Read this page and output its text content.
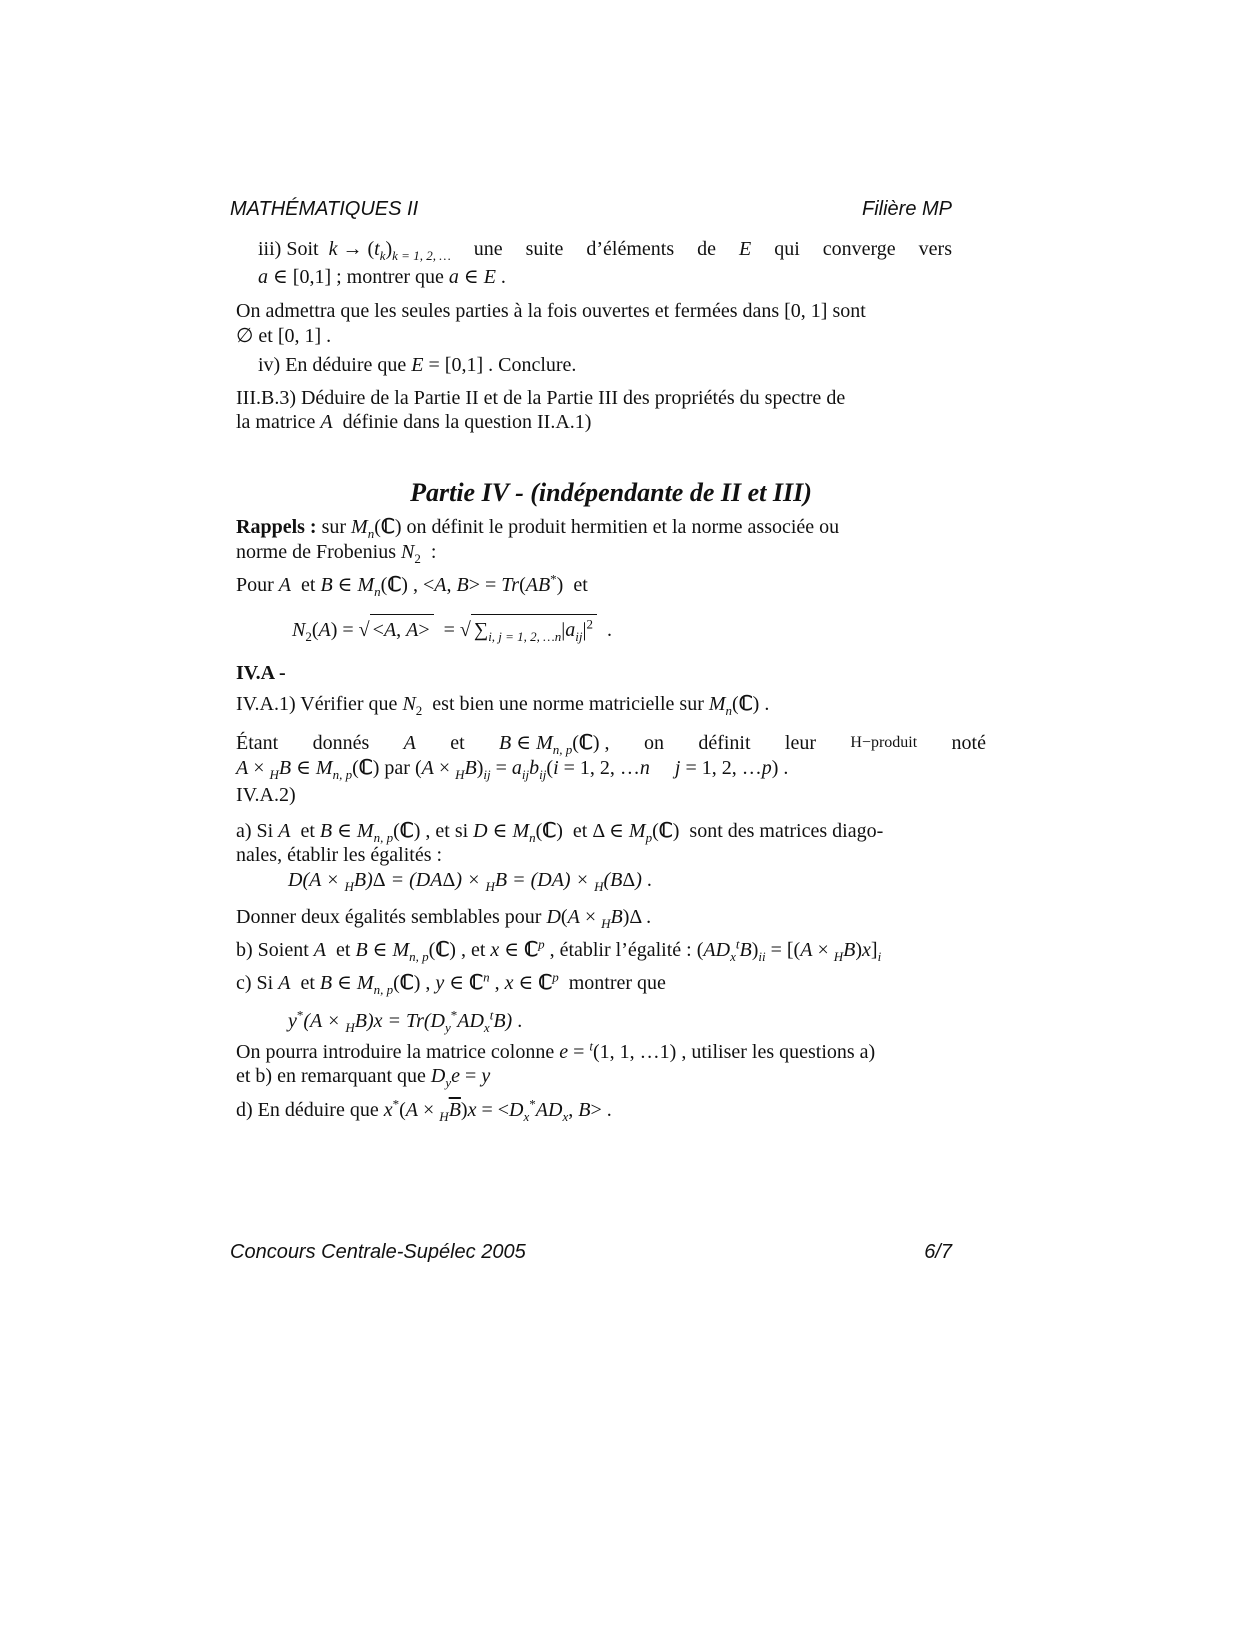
MATHÉMATIQUES II	Filière MP
iii) Soit $k \to (t_k)_{k = 1, 2, \dots}$ une suite d’éléments de E qui converge vers
a ∈ [0,1] ; montrer que a ∈ E .
On admettra que les seules parties à la fois ouvertes et fermées dans [0, 1] sont
∅ et [0, 1] .
iv) En déduire que E = [0,1] . Conclure.
III.B.3) Déduire de la Partie II et de la Partie III des propriétés du spectre de
la matrice A définie dans la question II.A.1)
Partie IV - (indépendante de II et III)
Rappels : sur $M_n(ℂ)$ on définit le produit hermitien et la norme associée ou
norme de Frobenius $N_2$  :
Pour A et B ∈ $M_n(ℂ)$ , <A, B> = Tr(AB*)  et
$N_2(A)$ = √ <A, A>  = √ $\sum_{i, j = 1, 2, \dots n}|a_{ij}|^2$  .
IV.A -
IV.A.1) Vérifier que $N_2$ est bien une norme matricielle sur $M_n(ℂ)$ .
Étant donnés A et B ∈ $M_{n, p}(ℂ)$ , on définit leur H−produit noté
A × $_H$B ∈ $M_{n, p}(ℂ)$ par $(A \times _HB)_{ij} = a_{ij}b_{ij}(i = 1$, 2, …n j = 1, 2, …p) .
IV.A.2)
a) Si A et B ∈ $M_{n, p}(ℂ)$ , et si D ∈ $M_n(ℂ)$  et Δ ∈ $M_p(ℂ)$  sont des matrices diago-
nales, établir les égalités :
D(A × $_H$B)Δ = (DAΔ) × $_H$B = (DA) × $_H$(BΔ) .
Donner deux égalités semblables pour D(A × $_H$B)Δ .
b) Soient A et B ∈ $M_{n, p}(ℂ)$ , et x ∈ ℂ$^p$ , établir l’égalité : $(AD_x^tB)_{ii} = [(A \times _HB)x]_i$
c) Si A et B ∈ $M_{n, p}(ℂ)$ , y ∈ ℂ$^n$ , x ∈ ℂ$^p$ montrer que
$y^*(A \times _HB)x = Tr(D_y^*AD_x^tB)$ .
On pourra introduire la matrice colonne e = $^t$(1, 1, …1) , utiliser les questions a)
et b) en remarquant que $D_ye = y$
d) En déduire que $x^*(A \times _H\overline{B})x = <D_x^*AD_x$, B> .
Concours Centrale-Supélec 2005	6/7
